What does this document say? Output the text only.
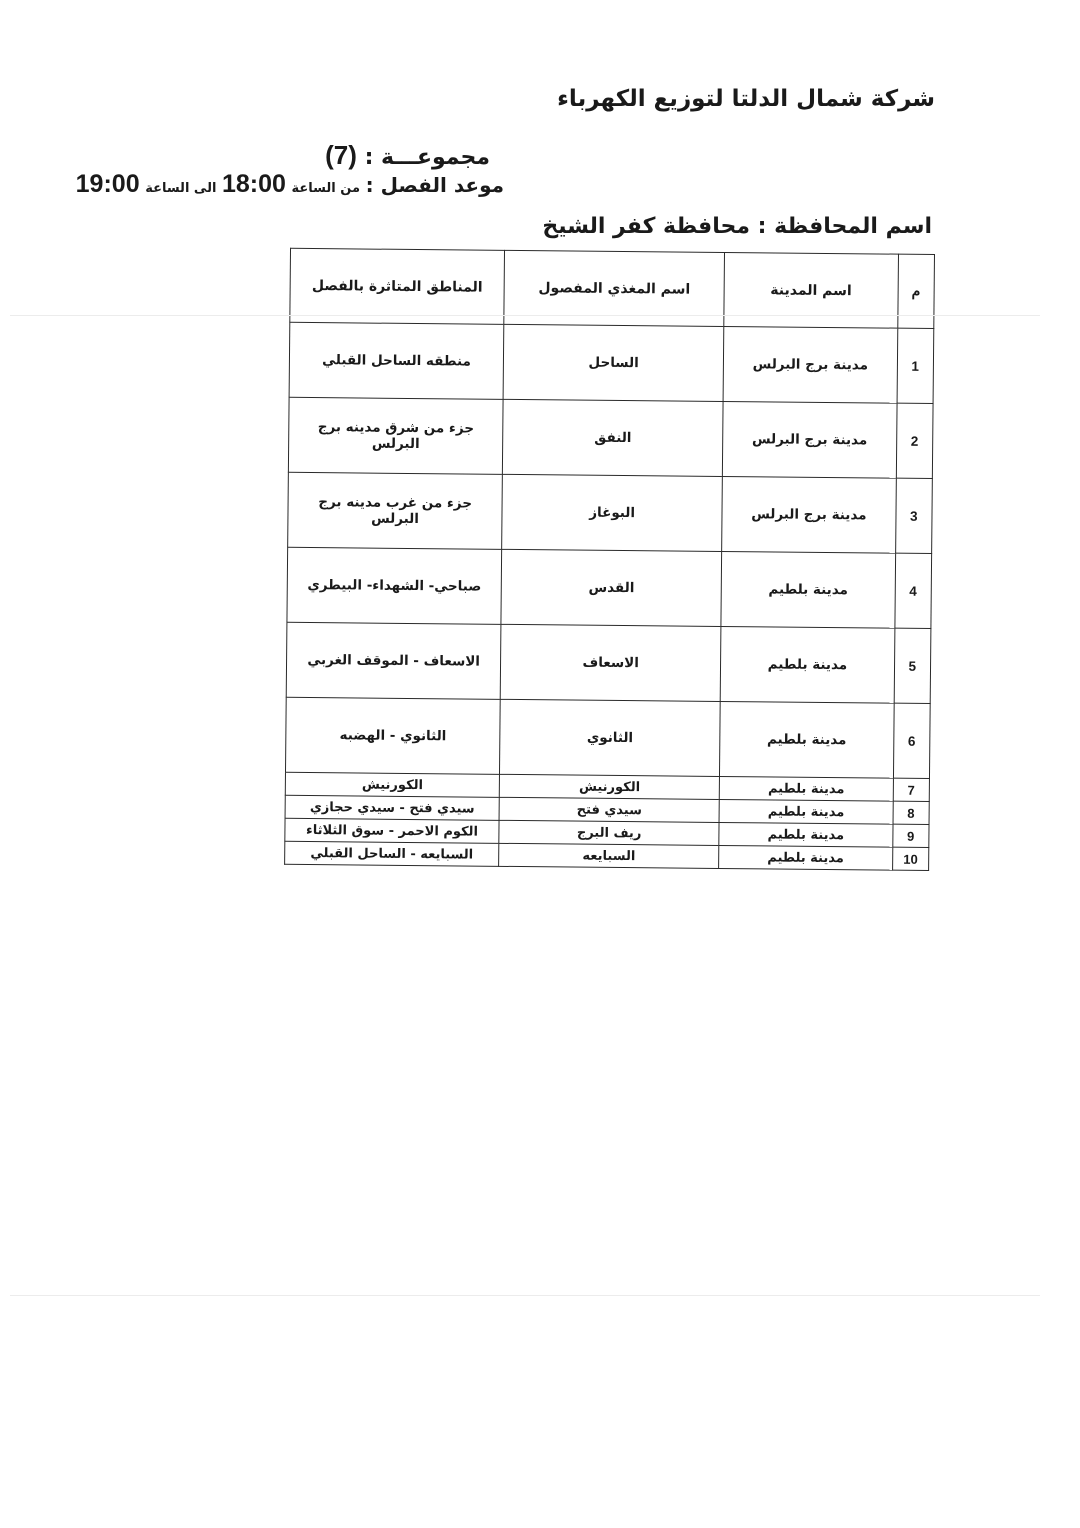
شركة شمال الدلتا لتوزيع الكهرباء
مجموعـــة : (7)
موعد الفصل : من الساعة 18:00 الى الساعة 19:00
اسم المحافظة : محافظة كفر الشيخ
م	اسم المدينة	اسم المغذي المفصول	المناطق المتاثرة بالفصل
1	مدينة برج البرلس	الساحل	منطقه الساحل القبلي
2	مدينة برج البرلس	النفق	جزء من شرق مدينه برج البرلس
3	مدينة برج البرلس	البوغاز	جزء من غرب مدينه برج البرلس
4	مدينة بلطيم	القدس	صباحي- الشهداء- البيطري
5	مدينة بلطيم	الاسعاف	الاسعاف - الموقف الغربي
6	مدينة بلطيم	الثانوي	الثانوي - الهضبه
7	مدينة بلطيم	الكورنيش	الكورنيش
8	مدينة بلطيم	سيدي فتح	سيدي فتح - سيدي حجازي
9	مدينة بلطيم	ريف البرج	الكوم الاحمر - سوق الثلاثاء
10	مدينة بلطيم	السبايعه	السبايعه - الساحل القبلي
